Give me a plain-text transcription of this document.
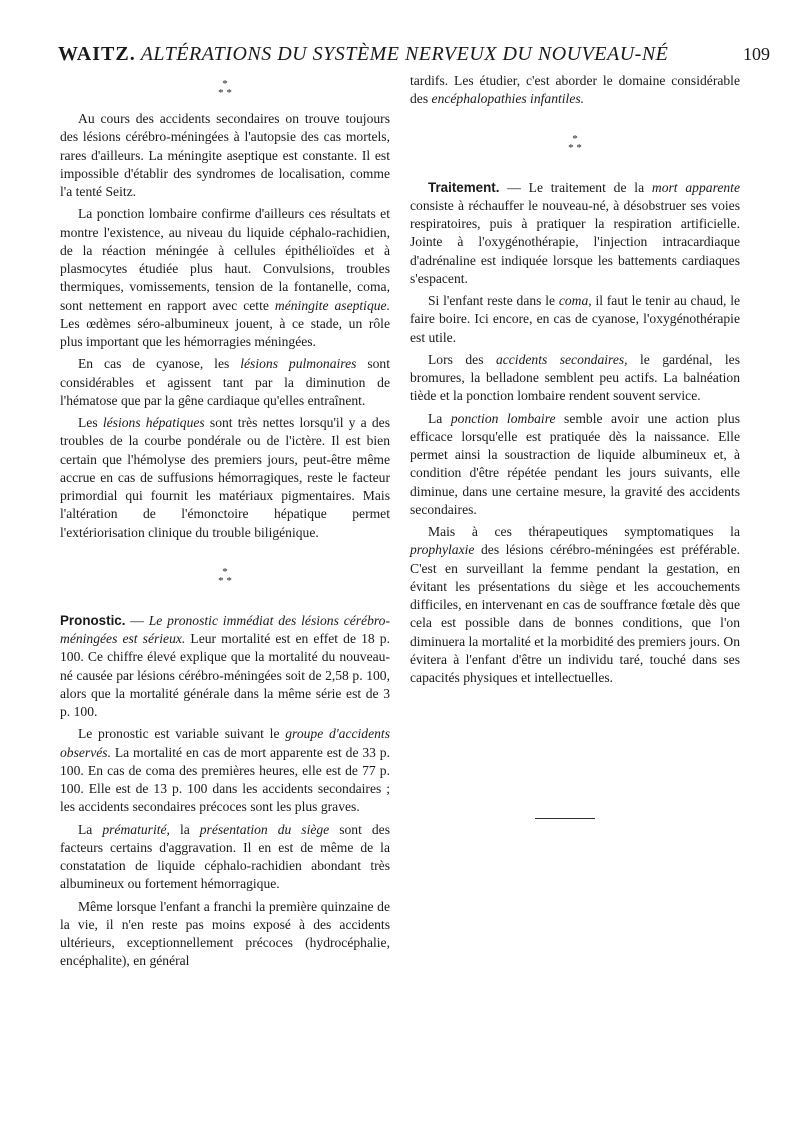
WAITZ. ALTÉRATIONS DU SYSTÈME NERVEUX DU NOUVEAU-NÉ	109
*
* *

Au cours des accidents secondaires on trouve toujours des lésions cérébro-méningées à l'autopsie des cas mortels, rares d'ailleurs. La méningite aseptique est constante. Il est impossible d'établir des syndromes de localisation, comme l'a tenté Seitz.

La ponction lombaire confirme d'ailleurs ces résultats et montre l'existence, au niveau du liquide céphalo-rachidien, de la réaction méningée à cellules épithélioïdes et à plasmocytes étudiée plus haut. Convulsions, troubles thermiques, vomissements, tension de la fontanelle, coma, sont nettement en rapport avec cette méningite aseptique. Les œdèmes séro-albumineux jouent, à ce stade, un rôle plus important que les hémorragies méningées.

En cas de cyanose, les lésions pulmonaires sont considérables et agissent tant par la diminution de l'hématose que par la gêne cardiaque qu'elles entraînent.

Les lésions hépatiques sont très nettes lorsqu'il y a des troubles de la courbe pondérale ou de l'ictère. Il est bien certain que l'hémolyse des premiers jours, peut-être même accrue en cas de suffusions hémorragiques, reste le facteur primordial qui fournit les matériaux pigmentaires. Mais l'altération de l'émonctoire hépatique permet l'extériorisation clinique du trouble biligénique.

*
* *

Pronostic. — Le pronostic immédiat des lésions cérébro-méningées est sérieux. Leur mortalité est en effet de 18 p. 100. Ce chiffre élevé explique que la mortalité du nouveau-né causée par lésions cérébro-méningées soit de 2,58 p. 100, alors que la mortalité générale dans la même série est de 3 p. 100.

Le pronostic est variable suivant le groupe d'accidents observés. La mortalité en cas de mort apparente est de 33 p. 100. En cas de coma des premières heures, elle est de 77 p. 100. Elle est de 13 p. 100 dans les accidents secondaires ; les accidents secondaires précoces sont les plus graves.

La prématurité, la présentation du siège sont des facteurs certains d'aggravation. Il en est de même de la constatation de liquide céphalo-rachidien abondant très albumineux ou fortement hémorragique.

Même lorsque l'enfant a franchi la première quinzaine de la vie, il n'en reste pas moins exposé à des accidents ultérieurs, exceptionnellement précoces (hydrocéphalie, encéphalite), en général

tardifs. Les étudier, c'est aborder le domaine considérable des encéphalopathies infantiles.

*
* *

Traitement. — Le traitement de la mort apparente consiste à réchauffer le nouveau-né, à désobstruer ses voies respiratoires, puis à pratiquer la respiration artificielle. Jointe à l'oxygénothérapie, l'injection intracardiaque d'adrénaline est indiquée lorsque les battements cardiaques s'espacent.

Si l'enfant reste dans le coma, il faut le tenir au chaud, le faire boire. Ici encore, en cas de cyanose, l'oxygénothérapie est utile.

Lors des accidents secondaires, le gardénal, les bromures, la belladone semblent peu actifs. La balnéation tiède et la ponction lombaire rendent souvent service.

La ponction lombaire semble avoir une action plus efficace lorsqu'elle est pratiquée dès la naissance. Elle permet ainsi la soustraction de liquide albumineux et, à condition d'être répétée pendant les jours suivants, elle diminue, dans une certaine mesure, la gravité des accidents secondaires.

Mais à ces thérapeutiques symptomatiques la prophylaxie des lésions cérébro-méningées est préférable. C'est en surveillant la femme pendant la gestation, en évitant les présentations du siège et les accouchements difficiles, en intervenant en cas de souffrance fœtale dès que cela est possible dans de bonnes conditions, que l'on diminuera la mortalité et la morbidité des premiers jours. On évitera à l'enfant d'être un individu taré, touché dans ses capacités physiques et intellectuelles.
